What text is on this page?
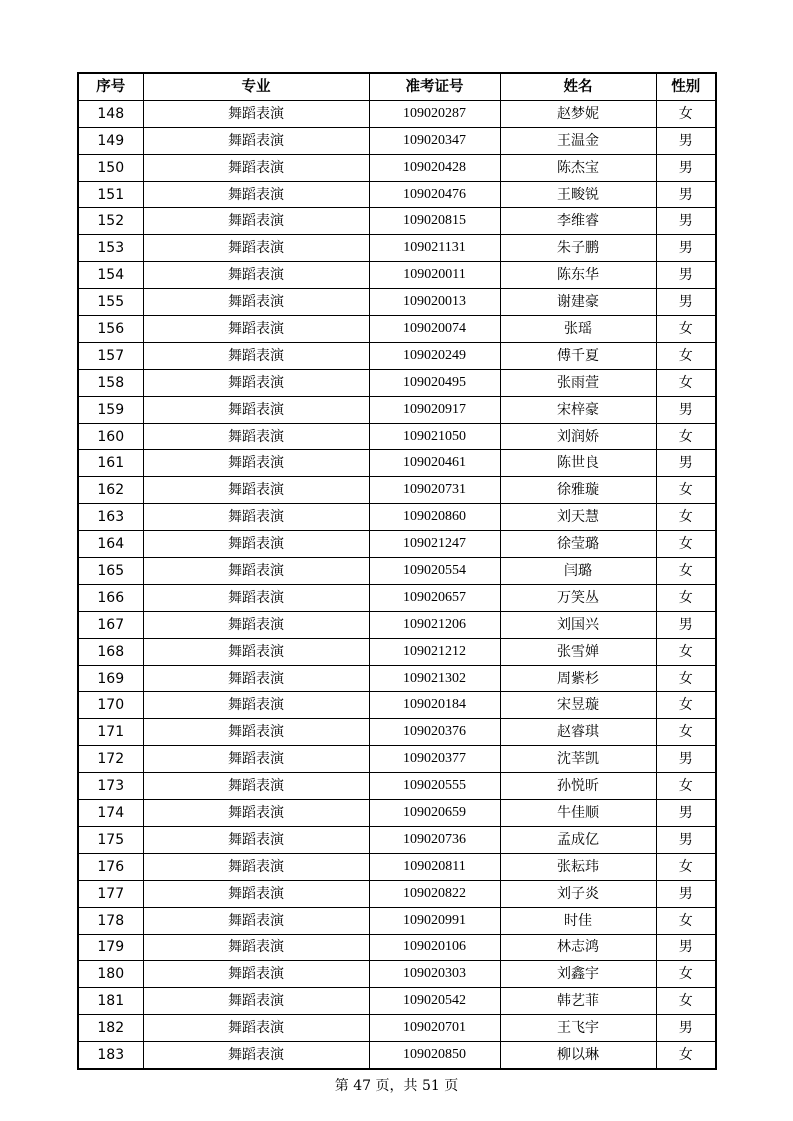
序号	专业	准考证号	姓名	性别
148	舞蹈表演	109020287	赵梦妮	女
149	舞蹈表演	109020347	王温金	男
150	舞蹈表演	109020428	陈杰宝	男
151	舞蹈表演	109020476	王畯锐	男
152	舞蹈表演	109020815	李维睿	男
153	舞蹈表演	109021131	朱子鹏	男
154	舞蹈表演	109020011	陈东华	男
155	舞蹈表演	109020013	谢建豪	男
156	舞蹈表演	109020074	张瑶	女
157	舞蹈表演	109020249	傅千夏	女
158	舞蹈表演	109020495	张雨萱	女
159	舞蹈表演	109020917	宋梓豪	男
160	舞蹈表演	109021050	刘润娇	女
161	舞蹈表演	109020461	陈世良	男
162	舞蹈表演	109020731	徐雅璇	女
163	舞蹈表演	109020860	刘天慧	女
164	舞蹈表演	109021247	徐莹璐	女
165	舞蹈表演	109020554	闫璐	女
166	舞蹈表演	109020657	万笑丛	女
167	舞蹈表演	109021206	刘国兴	男
168	舞蹈表演	109021212	张雪婵	女
169	舞蹈表演	109021302	周紫杉	女
170	舞蹈表演	109020184	宋昱璇	女
171	舞蹈表演	109020376	赵睿琪	女
172	舞蹈表演	109020377	沈莘凯	男
173	舞蹈表演	109020555	孙悦昕	女
174	舞蹈表演	109020659	牛佳顺	男
175	舞蹈表演	109020736	孟成亿	男
176	舞蹈表演	109020811	张耘玮	女
177	舞蹈表演	109020822	刘子炎	男
178	舞蹈表演	109020991	时佳	女
179	舞蹈表演	109020106	林志鸿	男
180	舞蹈表演	109020303	刘鑫宇	女
181	舞蹈表演	109020542	韩艺菲	女
182	舞蹈表演	109020701	王飞宇	男
183	舞蹈表演	109020850	柳以琳	女
第 47 页，共 51 页
